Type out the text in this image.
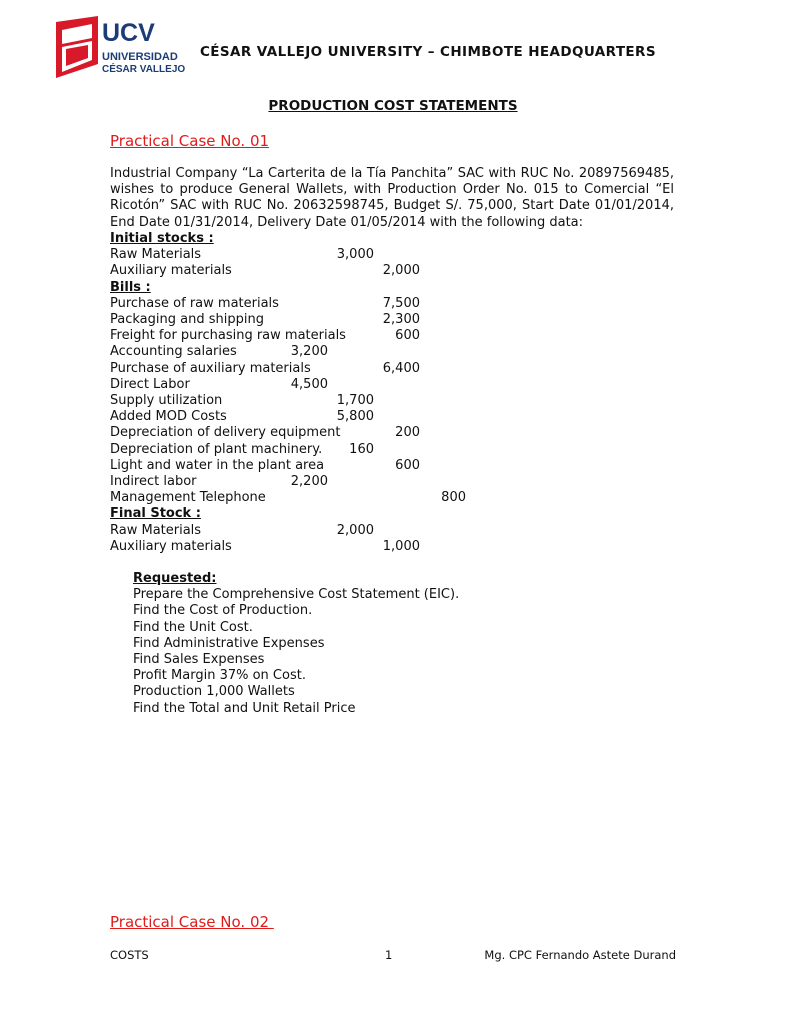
UCV
UNIVERSIDAD
CÉSAR VALLEJO
CÉSAR VALLEJO UNIVERSITY – CHIMBOTE HEADQUARTERS
PRODUCTION COST STATEMENTS
Practical Case No. 01
Industrial Company “La Carterita de la Tía Panchita” SAC with RUC No. 20897569485, wishes to produce General Wallets, with Production Order No. 015 to Comercial “El Ricotón” SAC with RUC No. 20632598745, Budget S/. 75,000, Start Date 01/01/2014, End Date 01/31/2014, Delivery Date 01/05/2014 with the following data:
Initial stocks :
Raw Materials	3,000
Auxiliary materials	2,000
Bills :
Purchase of raw materials	7,500
Packaging and shipping	2,300
Freight for purchasing raw materials	600
Accounting salaries	3,200
Purchase of auxiliary materials	6,400
Direct Labor	4,500
Supply utilization	1,700
Added MOD Costs	5,800
Depreciation of delivery equipment	200
Depreciation of plant machinery. 160
Light and water in the plant area	600
Indirect labor	2,200
Management Telephone	800
Final Stock :
Raw Materials	2,000
Auxiliary materials	1,000
Requested:
Prepare the Comprehensive Cost Statement (EIC).
Find the Cost of Production.
Find the Unit Cost.
Find Administrative Expenses
Find Sales Expenses
Profit Margin 37% on Cost.
Production 1,000 Wallets
Find the Total and Unit Retail Price
Practical Case No. 02
COSTS	1	Mg. CPC Fernando Astete Durand
